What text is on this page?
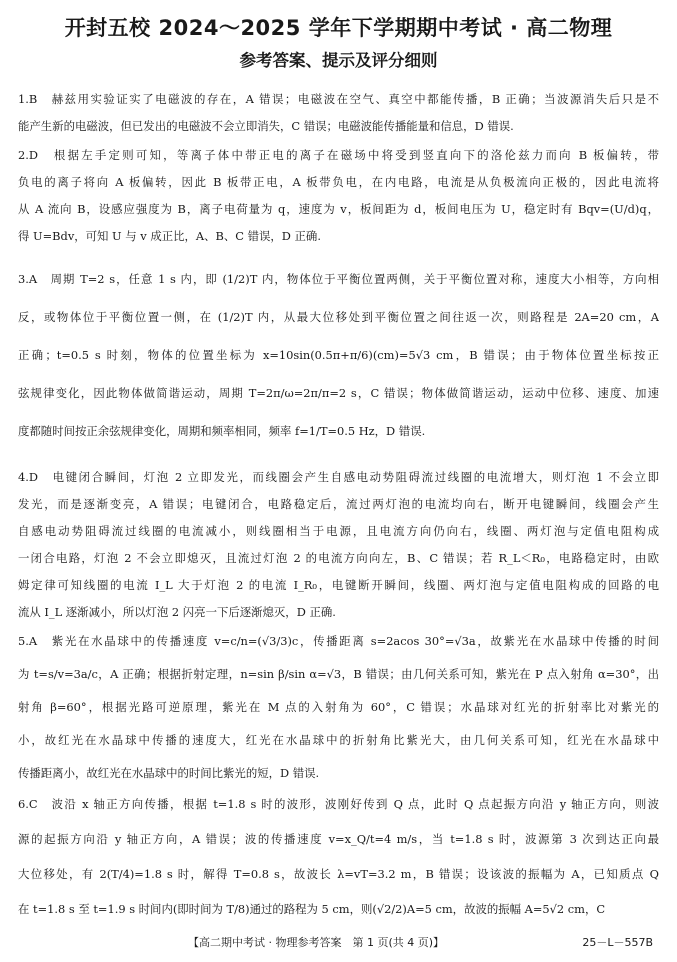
开封五校 2024～2025 学年下学期期中考试 · 高二物理
参考答案、提示及评分细则
1.B　赫兹用实验证实了电磁波的存在，A 错误；电磁波在空气、真空中都能传播，B 正确；当波源消失后只是不
能产生新的电磁波，但已发出的电磁波不会立即消失，C 错误；电磁波能传播能量和信息，D 错误.
2.D　根据左手定则可知，等离子体中带正电的离子在磁场中将受到竖直向下的洛伦兹力而向 B 板偏转，带
负电的离子将向 A 板偏转，因此 B 板带正电，A 板带负电，在内电路，电流是从负极流向正极的，因此电流将
从 A 流向 B，设感应强度为 B，离子电荷量为 q，速度为 v，板间距为 d，板间电压为 U，稳定时有 Bqv=(U/d)q，
得 U=Bdv，可知 U 与 v 成正比，A、B、C 错误，D 正确.
3.A　周期 T=2 s，任意 1 s 内，即 (1/2)T 内，物体位于平衡位置两侧，关于平衡位置对称，速度大小相等，方向相
反，或物体位于平衡位置一侧，在 (1/2)T 内，从最大位移处到平衡位置之间往返一次，则路程是 2A=20 cm，A
正确；t=0.5 s 时刻，物体的位置坐标为 x=10sin(0.5π+π/6)(cm)=5√3 cm，B 错误；由于物体位置坐标按正
弦规律变化，因此物体做简谐运动，周期 T=2π/ω=2π/π=2 s，C 错误；物体做简谐运动，运动中位移、速度、加速
度都随时间按正余弦规律变化，周期和频率相同，频率 f=1/T=0.5 Hz，D 错误.
4.D　电键闭合瞬间，灯泡 2 立即发光，而线圈会产生自感电动势阻碍流过线圈的电流增大，则灯泡 1 不会立即
发光，而是逐渐变亮，A 错误；电键闭合，电路稳定后，流过两灯泡的电流均向右，断开电键瞬间，线圈会产生
自感电动势阻碍流过线圈的电流减小，则线圈相当于电源，且电流方向仍向右，线圈、两灯泡与定值电阻构成
一闭合电路，灯泡 2 不会立即熄灭，且流过灯泡 2 的电流方向向左，B、C 错误；若 R_L＜R₀，电路稳定时，由欧
姆定律可知线圈的电流 I_L 大于灯泡 2 的电流 I_R₀，电键断开瞬间，线圈、两灯泡与定值电阻构成的回路的电
流从 I_L 逐渐减小，所以灯泡 2 闪亮一下后逐渐熄灭，D 正确.
5.A　紫光在水晶球中的传播速度 v=c/n=(√3/3)c，传播距离 s=2acos 30°=√3a，故紫光在水晶球中传播的时间
为 t=s/v=3a/c，A 正确；根据折射定理，n=sin β/sin α=√3，B 错误；由几何关系可知，紫光在 P 点入射角 α=30°，出
射角 β=60°，根据光路可逆原理，紫光在 M 点的入射角为 60°，C 错误；水晶球对红光的折射率比对紫光的
小，故红光在水晶球中传播的速度大，红光在水晶球中的折射角比紫光大，由几何关系可知，红光在水晶球中
传播距离小，故红光在水晶球中的时间比紫光的短，D 错误.
6.C　波沿 x 轴正方向传播，根据 t=1.8 s 时的波形，波刚好传到 Q 点，此时 Q 点起振方向沿 y 轴正方向，则波
源的起振方向沿 y 轴正方向，A 错误；波的传播速度 v=x_Q/t=4 m/s，当 t=1.8 s 时，波源第 3 次到达正向最
大位移处，有 2(T/4)=1.8 s 时，解得 T=0.8 s，故波长 λ=vT=3.2 m，B 错误；设该波的振幅为 A，已知质点 Q
在 t=1.8 s 至 t=1.9 s 时间内(即时间为 T/8)通过的路程为 5 cm，则(√2/2)A=5 cm，故波的振幅 A=5√2 cm，C
【高二期中考试 · 物理参考答案　第 1 页(共 4 页)】	25－L－557B
